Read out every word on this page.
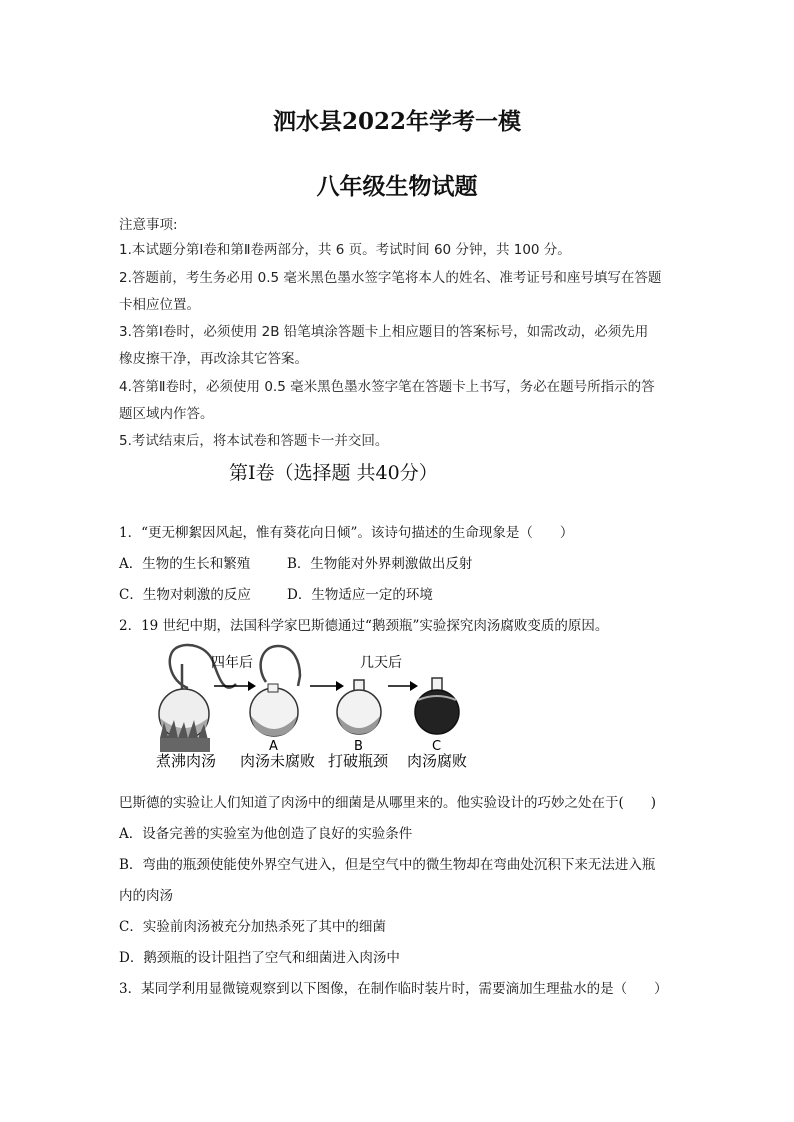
泗水县2022年学考一模
八年级生物试题
注意事项:
1.本试题分第Ⅰ卷和第Ⅱ卷两部分，共 6 页。考试时间 60 分钟，共 100 分。
2.答题前，考生务必用 0.5 毫米黑色墨水签字笔将本人的姓名、准考证号和座号填写在答题
卡相应位置。
3.答第Ⅰ卷时，必须使用 2B 铅笔填涂答题卡上相应题目的答案标号，如需改动，必须先用
橡皮擦干净，再改涂其它答案。
4.答第Ⅱ卷时，必须使用 0.5 毫米黑色墨水签字笔在答题卡上书写，务必在题号所指示的答
题区域内作答。
5.考试结束后，将本试卷和答题卡一并交回。
第Ⅰ卷（选择题 共40分）
1．“更无柳絮因风起，惟有葵花向日倾”。该诗句描述的生命现象是（　　）
A．生物的生长和繁殖	B．生物能对外界刺激做出反射
C．生物对刺激的反应	D．生物适应一定的环境
2．19 世纪中期，法国科学家巴斯德通过“鹅颈瓶”实验探究肉汤腐败变质的原因。
四年后	几天后
A	B	C
煮沸肉汤 肉汤未腐败 打破瓶颈 肉汤腐败
巴斯德的实验让人们知道了肉汤中的细菌是从哪里来的。他实验设计的巧妙之处在于(　　)
A．设备完善的实验室为他创造了良好的实验条件
B．弯曲的瓶颈使能使外界空气进入，但是空气中的微生物却在弯曲处沉积下来无法进入瓶
内的肉汤
C．实验前肉汤被充分加热杀死了其中的细菌
D．鹅颈瓶的设计阻挡了空气和细菌进入肉汤中
3．某同学利用显微镜观察到以下图像，在制作临时装片时，需要滴加生理盐水的是（　　）
